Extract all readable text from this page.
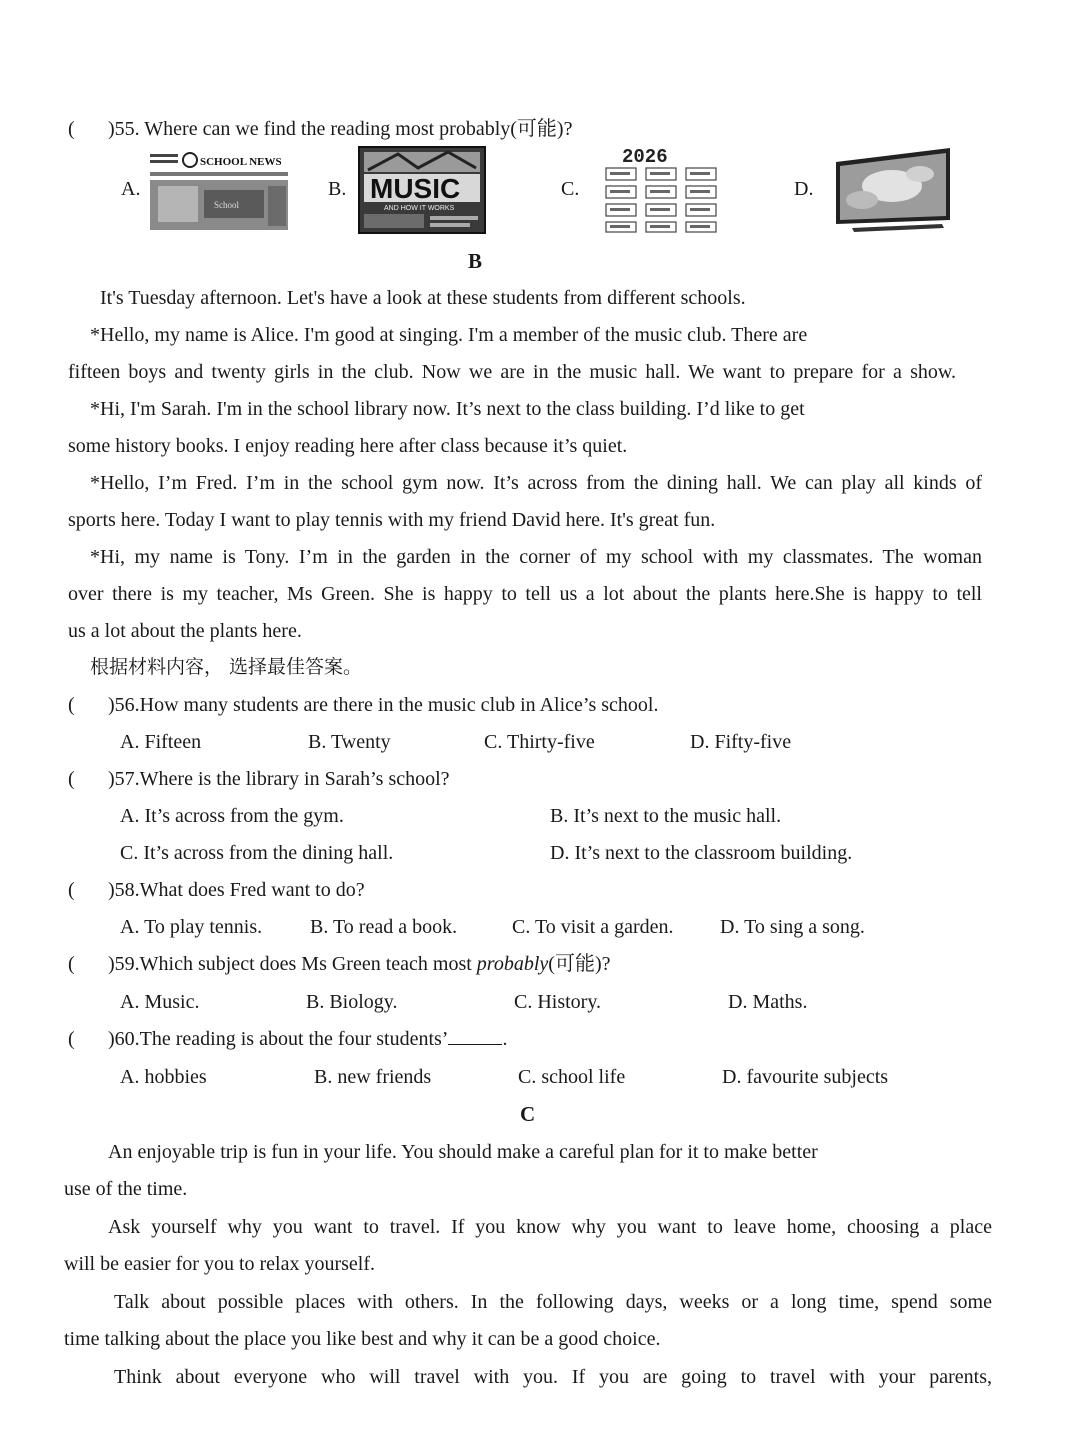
( )55. Where can we find the reading most probably(可能)?
A.
SCHOOL NEWS
School
B. MUSIC
AND HOW IT WORKS
C.
2026
D.
B
It's Tuesday afternoon. Let's have a look at these students from different schools.
*Hello, my name is Alice. I'm good at singing. I'm a member of the music club. There are
fifteen boys and twenty girls in the club. Now we are in the music hall. We want to prepare for a show.
*Hi, I'm Sarah. I'm in the school library now. It’s next to the class building. I’d like to get
some history books. I enjoy reading here after class because it’s quiet.
*Hello, I’m Fred. I’m in the school gym now. It’s across from the dining hall. We can play all kinds of
sports here. Today I want to play tennis with my friend David here. It's great fun.
*Hi, my name is Tony. I’m in the garden in the corner of my school with my classmates. The woman
over there is my teacher, Ms Green. She is happy to tell us a lot about the plants here.She is happy to tell
us a lot about the plants here.
根据材料内容， 选择最佳答案。
( )56.How many students are there in the music club in Alice’s school.
A. Fifteen	B. Twenty	C. Thirty-five	D. Fifty-five
( )57.Where is the library in Sarah’s school?
A. It’s across from the gym.	B. It’s next to the music hall.
C. It’s across from the dining hall.	D. It’s next to the classroom building.
( )58.What does Fred want to do?
A. To play tennis. B. To read a book.	C. To visit a garden. D. To sing a song.
( )59.Which subject does Ms Green teach most probably(可能)?
A. Music.	B. Biology.	C. History.	D. Maths.
( )60.The reading is about the four students’	.
A. hobbies	B. new friends	C. school life	D. favourite subjects
C
An enjoyable trip is fun in your life. You should make a careful plan for it to make better
use of the time.
Ask yourself why you want to travel. If you know why you want to leave home, choosing a place
will be easier for you to relax yourself.
Talk about possible places with others. In the following days, weeks or a long time, spend some
time talking about the place you like best and why it can be a good choice.
Think about everyone who will travel with you. If you are going to travel with your parents,
